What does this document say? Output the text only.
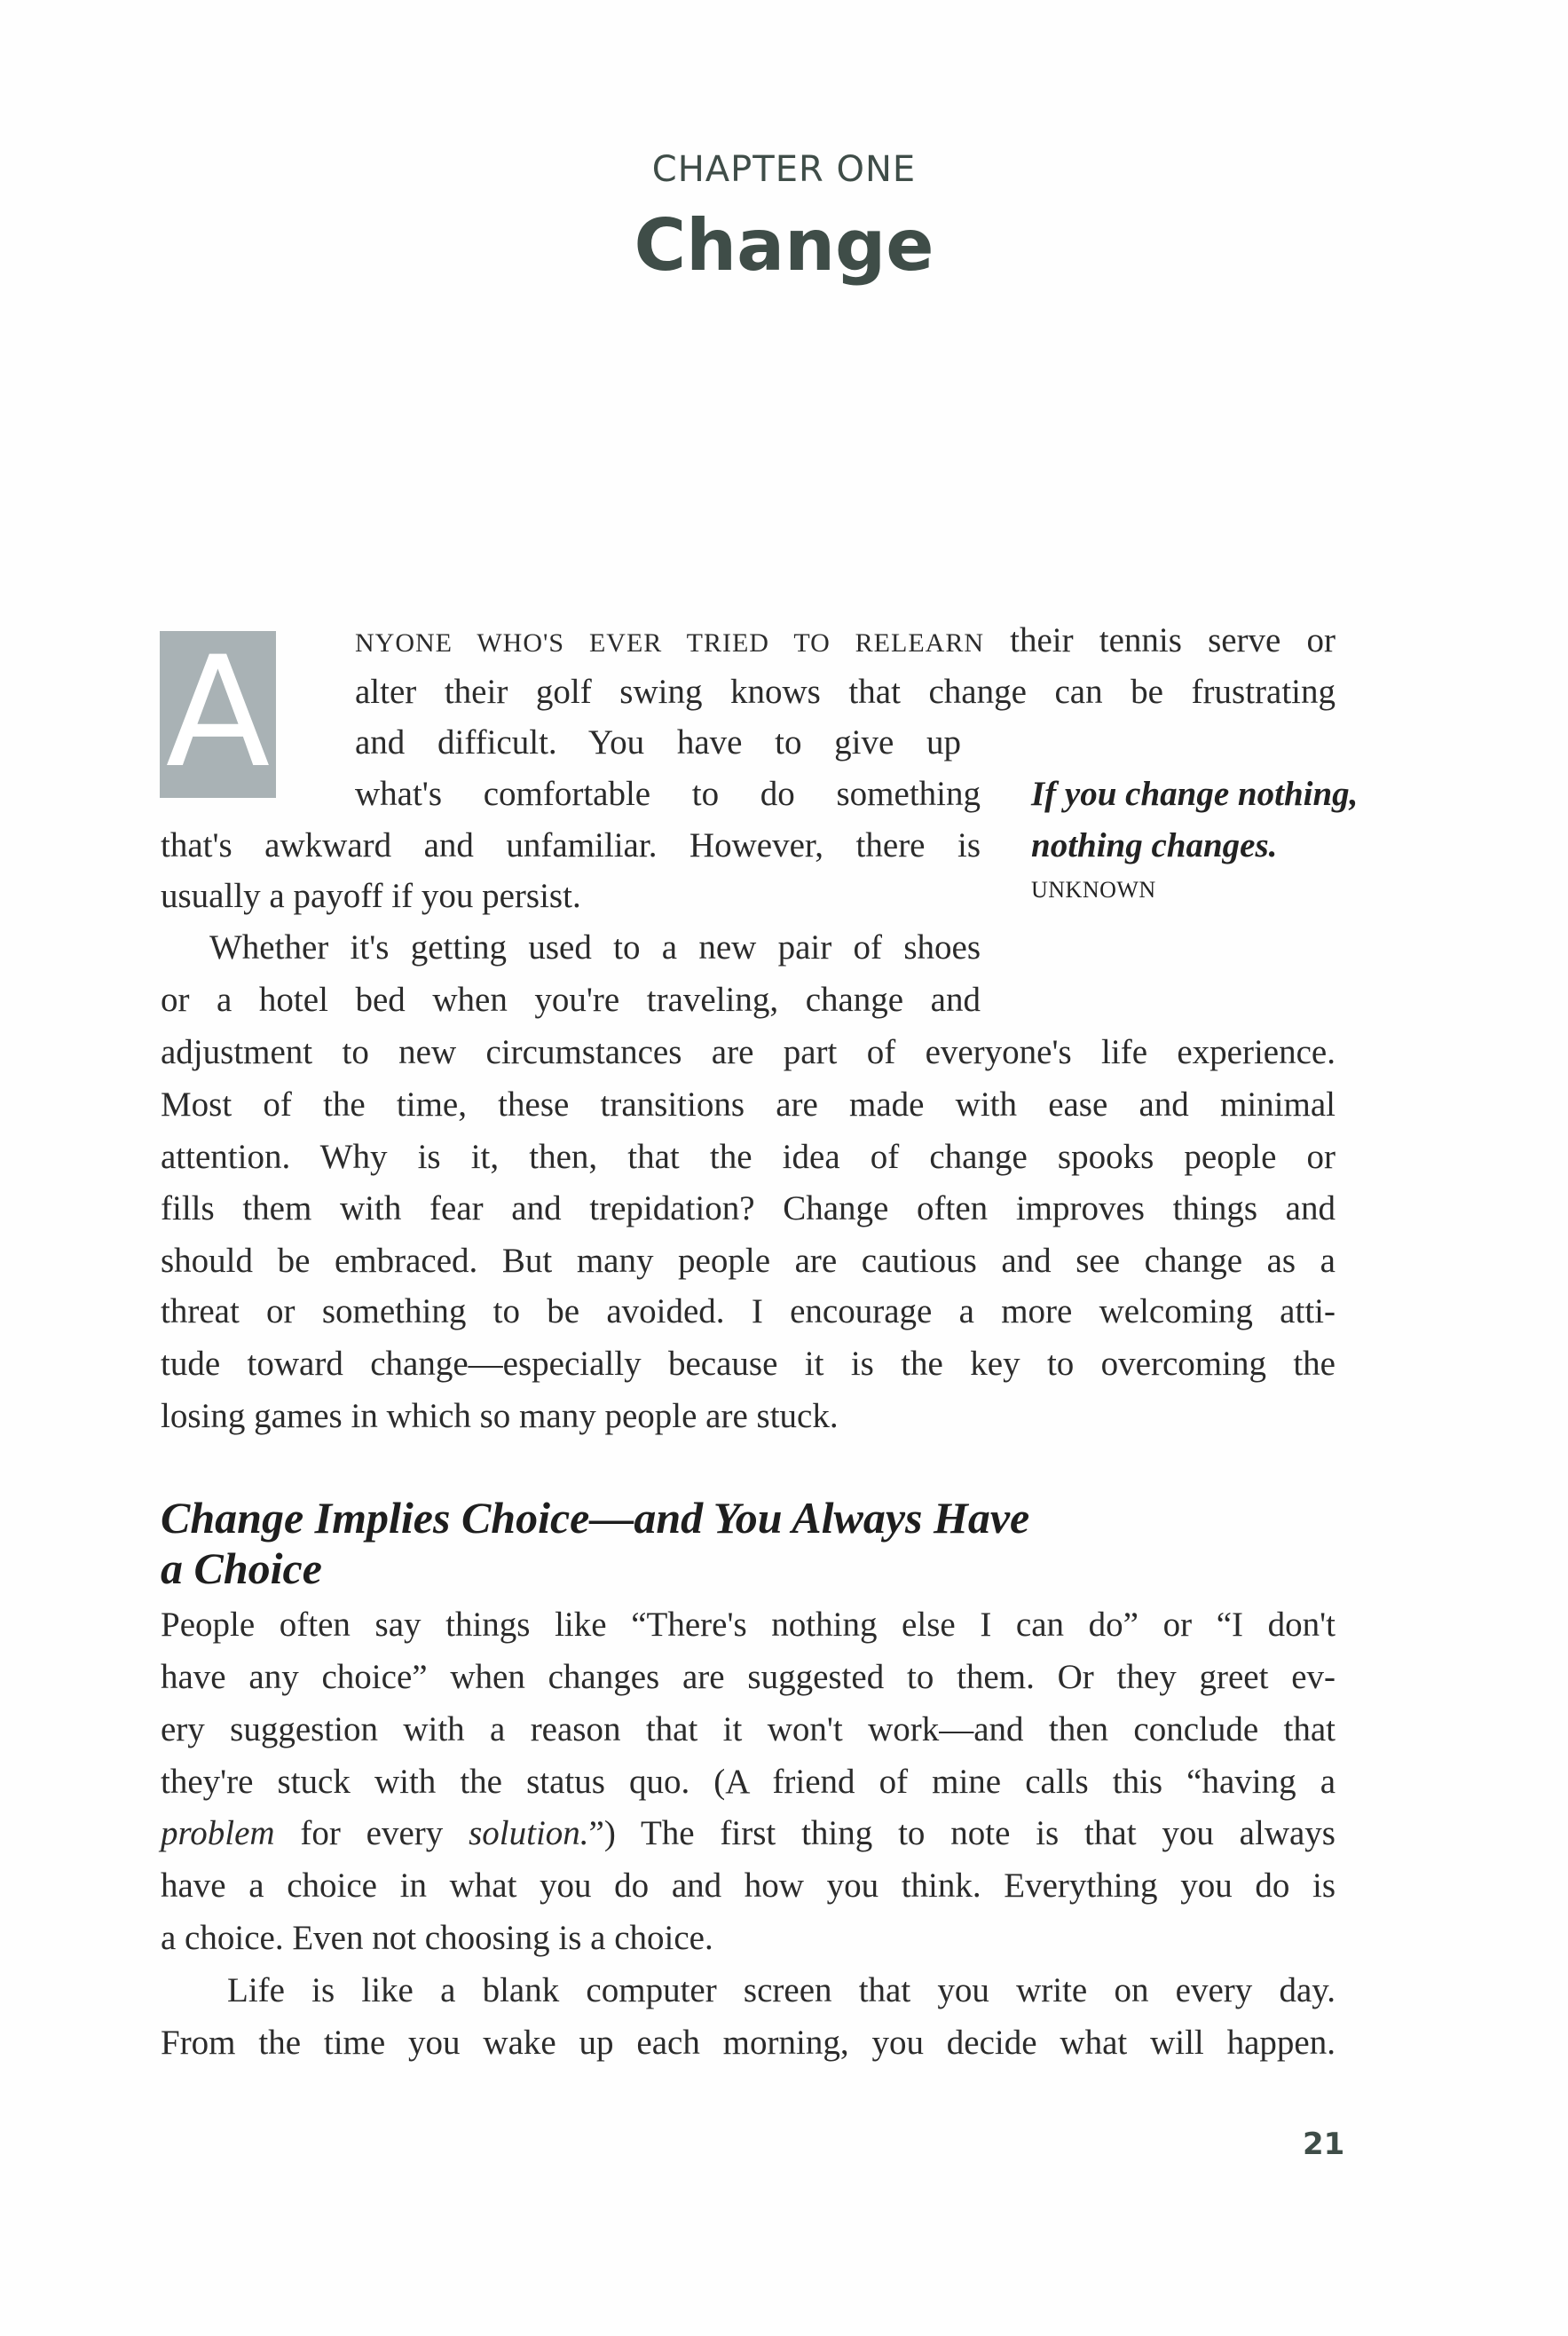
CHAPTER ONE
Change
A	NYONE WHO'S EVER TRIED TO RELEARN their tennis serve or
alter their golf swing knows that change can be frustrating
and difficult. You have to give up
what's comfortable to do something
that's awkward and unfamiliar. However, there is
usually a payoff if you persist.
If you change nothing,
nothing changes.
UNKNOWN
Whether it's getting used to a new pair of shoes
or a hotel bed when you're traveling, change and
adjustment to new circumstances are part of everyone's life experience.
Most of the time, these transitions are made with ease and minimal
attention. Why is it, then, that the idea of change spooks people or
fills them with fear and trepidation? Change often improves things and
should be embraced. But many people are cautious and see change as a
threat or something to be avoided. I encourage a more welcoming atti-
tude toward change—especially because it is the key to overcoming the
losing games in which so many people are stuck.
Change Implies Choice—and You Always Have
a Choice
People often say things like “There's nothing else I can do” or “I don't
have any choice” when changes are suggested to them. Or they greet ev-
ery suggestion with a reason that it won't work—and then conclude that
they're stuck with the status quo. (A friend of mine calls this “having a
problem for every solution.”) The first thing to note is that you always
have a choice in what you do and how you think. Everything you do is
a choice. Even not choosing is a choice.
Life is like a blank computer screen that you write on every day.
From the time you wake up each morning, you decide what will happen.
21
